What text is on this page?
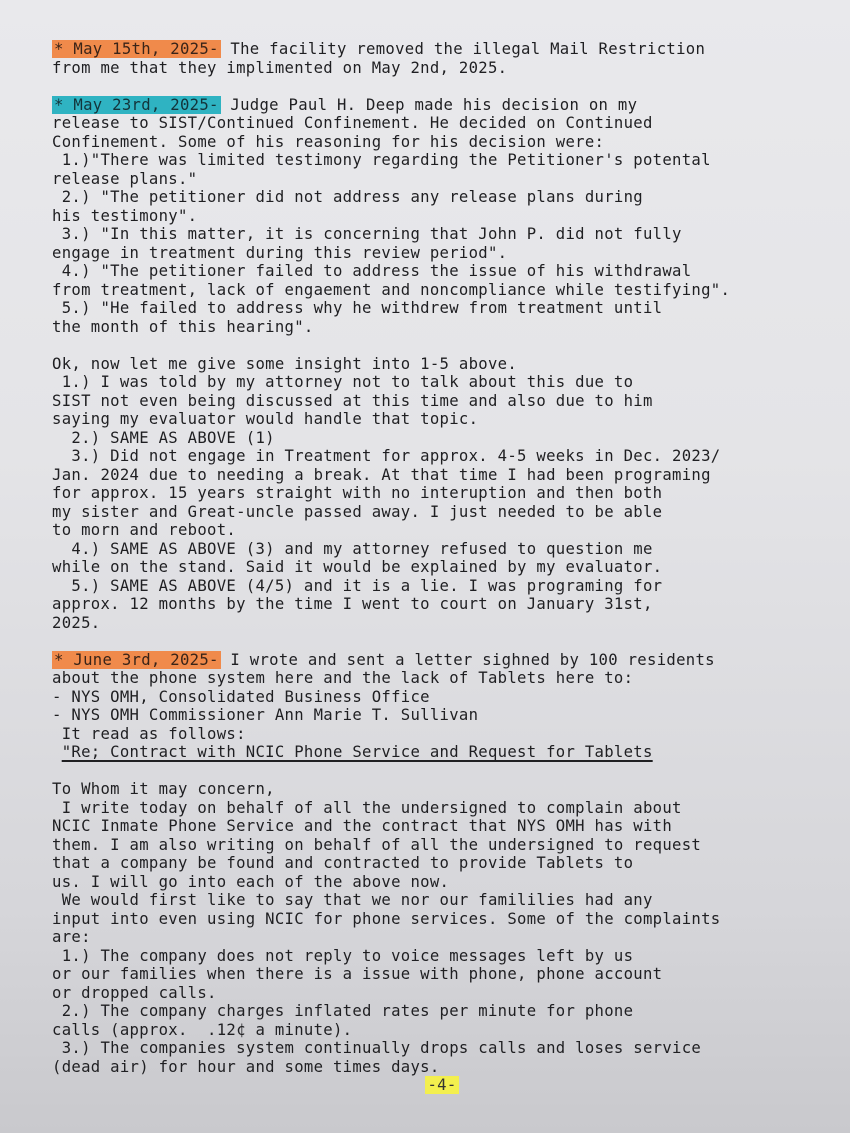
* May 15th, 2025- The facility removed the illegal Mail Restriction
from me that they implimented on May 2nd, 2025.
* May 23rd, 2025- Judge Paul H. Deep made his decision on my
release to SIST/Continued Confinement. He decided on Continued
Confinement. Some of his reasoning for his decision were:
1.)"There was limited testimony regarding the Petitioner's potental
release plans."
2.) "The petitioner did not address any release plans during
his testimony".
3.) "In this matter, it is concerning that John P. did not fully
engage in treatment during this review period".
4.) "The petitioner failed to address the issue of his withdrawal
from treatment, lack of engaement and noncompliance while testifying".
5.) "He failed to address why he withdrew from treatment until
the month of this hearing".
Ok, now let me give some insight into 1-5 above.
1.) I was told by my attorney not to talk about this due to
SIST not even being discussed at this time and also due to him
saying my evaluator would handle that topic.
2.) SAME AS ABOVE (1)
3.) Did not engage in Treatment for approx. 4-5 weeks in Dec. 2023/
Jan. 2024 due to needing a break. At that time I had been programing
for approx. 15 years straight with no interuption and then both
my sister and Great-uncle passed away. I just needed to be able
to morn and reboot.
4.) SAME AS ABOVE (3) and my attorney refused to question me
while on the stand. Said it would be explained by my evaluator.
5.) SAME AS ABOVE (4/5) and it is a lie. I was programing for
approx. 12 months by the time I went to court on January 31st,
2025.
* June 3rd, 2025- I wrote and sent a letter sighned by 100 residents
about the phone system here and the lack of Tablets here to:
- NYS OMH, Consolidated Business Office
- NYS OMH Commissioner Ann Marie T. Sullivan
It read as follows:
"Re; Contract with NCIC Phone Service and Request for Tablets
To Whom it may concern,
I write today on behalf of all the undersigned to complain about
NCIC Inmate Phone Service and the contract that NYS OMH has with
them. I am also writing on behalf of all the undersigned to request
that a company be found and contracted to provide Tablets to
us. I will go into each of the above now.
We would first like to say that we nor our famililies had any
input into even using NCIC for phone services. Some of the complaints
are:
1.) The company does not reply to voice messages left by us
or our families when there is a issue with phone, phone account
or dropped calls.
2.) The company charges inflated rates per minute for phone
calls (approx.  .12¢ a minute).
3.) The companies system continually drops calls and loses service
(dead air) for hour and some times days.
-4-
